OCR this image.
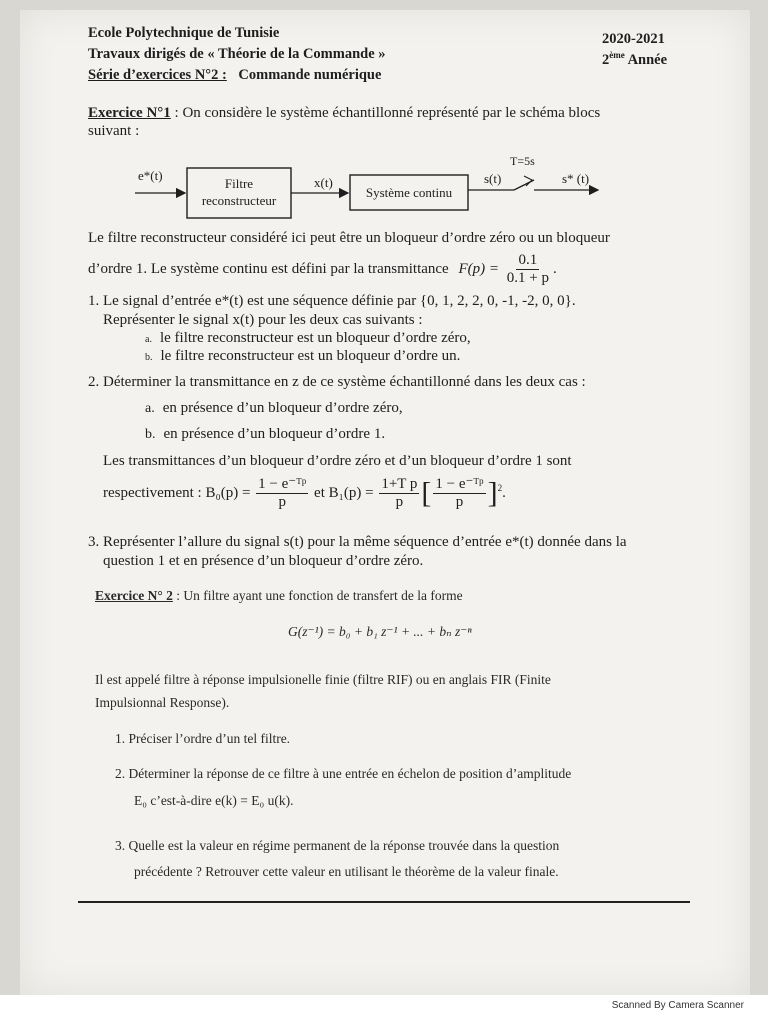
Ecole Polytechnique de Tunisie
Travaux dirigés de « Théorie de la Commande »
Série d’exercices N°2 : Commande numérique
2020-2021
2ème Année
Exercice N°1 : On considère le système échantillonné représenté par le schéma blocs
suivant :
e*(t)
Filtre
reconstructeur
x(t)
Système continu
s(t)
T=5s
s* (t)
Le filtre reconstructeur considéré ici peut être un bloqueur d’ordre zéro ou un bloqueur
d’ordre 1. Le système continu est défini par la transmittance $F(p) = \frac{0.1}{0.1 + p}$ .
1. Le signal d’entrée e*(t) est une séquence définie par {0, 1, 2, 2, 0, -1, -2, 0, 0}.
Représenter le signal x(t) pour les deux cas suivants :
a. le filtre reconstructeur est un bloqueur d’ordre zéro,
b. le filtre reconstructeur est un bloqueur d’ordre un.
2. Déterminer la transmittance en z de ce système échantillonné dans les deux cas :
a. en présence d’un bloqueur d’ordre zéro,
b. en présence d’un bloqueur d’ordre 1.
Les transmittances d’un bloqueur d’ordre zéro et d’un bloqueur d’ordre 1 sont
respectivement : $B_0(p) = \frac{\text{1 − e⁻ᵀᵖ}}{p}$ et $B_1(p) = \frac{\text{1+T p}}{p}$ [ $\frac{\text{1 − e⁻ᵀᵖ}}{p} ]^2$.
3. Représenter l’allure du signal s(t) pour la même séquence d’entrée e*(t) donnée dans la
question 1 et en présence d’un bloqueur d’ordre zéro.
Exercice N° 2 : Un filtre ayant une fonction de transfert de la forme
G(z⁻¹) = b₀ + b₁ z⁻¹ + ... + bₙ z⁻ⁿ
Il est appelé filtre à réponse impulsionelle finie (filtre RIF) ou en anglais FIR (Finite
Impulsionnal Response).
1. Préciser l’ordre d’un tel filtre.
2. Déterminer la réponse de ce filtre à une entrée en échelon de position d’amplitude
E₀ c’est-à-dire e(k) = E₀ u(k).
3. Quelle est la valeur en régime permanent de la réponse trouvée dans la question
précédente ? Retrouver cette valeur en utilisant le théorème de la valeur finale.
Scanned By Camera Scanner
